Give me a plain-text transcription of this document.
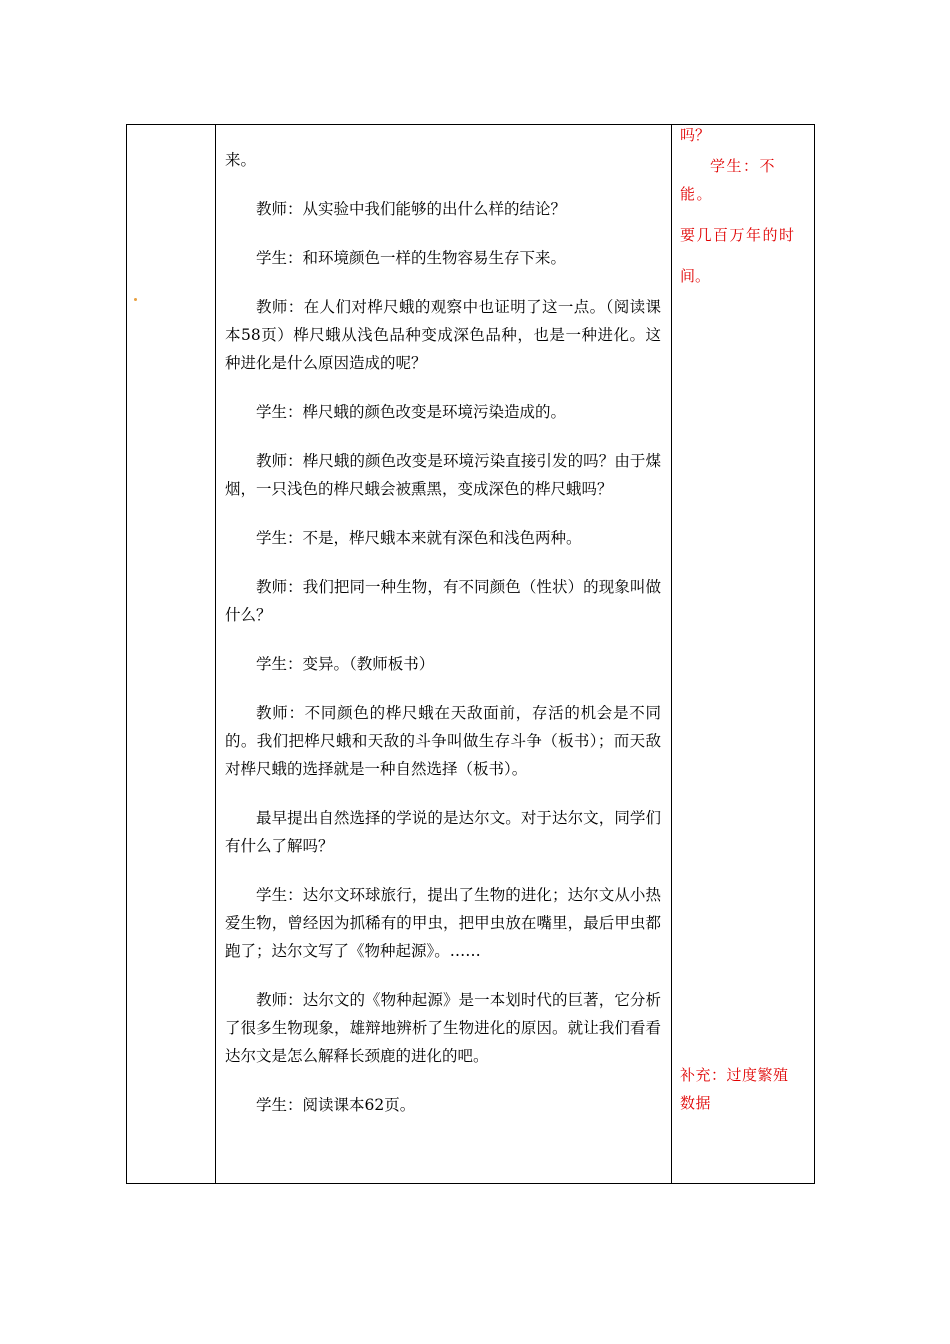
来。

教师：从实验中我们能够的出什么样的结论？

学生：和环境颜色一样的生物容易生存下来。

教师：在人们对桦尺蛾的观察中也证明了这一点。（阅读课本58页）桦尺蛾从浅色品种变成深色品种，也是一种进化。这种进化是什么原因造成的呢？

学生：桦尺蛾的颜色改变是环境污染造成的。

教师：桦尺蛾的颜色改变是环境污染直接引发的吗？由于煤烟，一只浅色的桦尺蛾会被熏黑，变成深色的桦尺蛾吗？

学生：不是，桦尺蛾本来就有深色和浅色两种。

教师：我们把同一种生物，有不同颜色（性状）的现象叫做什么？

学生：变异。（教师板书）

教师：不同颜色的桦尺蛾在天敌面前，存活的机会是不同的。我们把桦尺蛾和天敌的斗争叫做生存斗争（板书）；而天敌对桦尺蛾的选择就是一种自然选择（板书）。

最早提出自然选择的学说的是达尔文。对于达尔文，同学们有什么了解吗？

学生：达尔文环球旅行，提出了生物的进化；达尔文从小热爱生物，曾经因为抓稀有的甲虫，把甲虫放在嘴里，最后甲虫都跑了；达尔文写了《物种起源》。……

教师：达尔文的《物种起源》是一本划时代的巨著，它分析了很多生物现象，雄辩地辨析了生物进化的原因。就让我们看看达尔文是怎么解释长颈鹿的进化的吧。

学生：阅读课本62页。

吗？
学生：不能。
要几百万年的时
间。
补充：过度繁殖
数据
